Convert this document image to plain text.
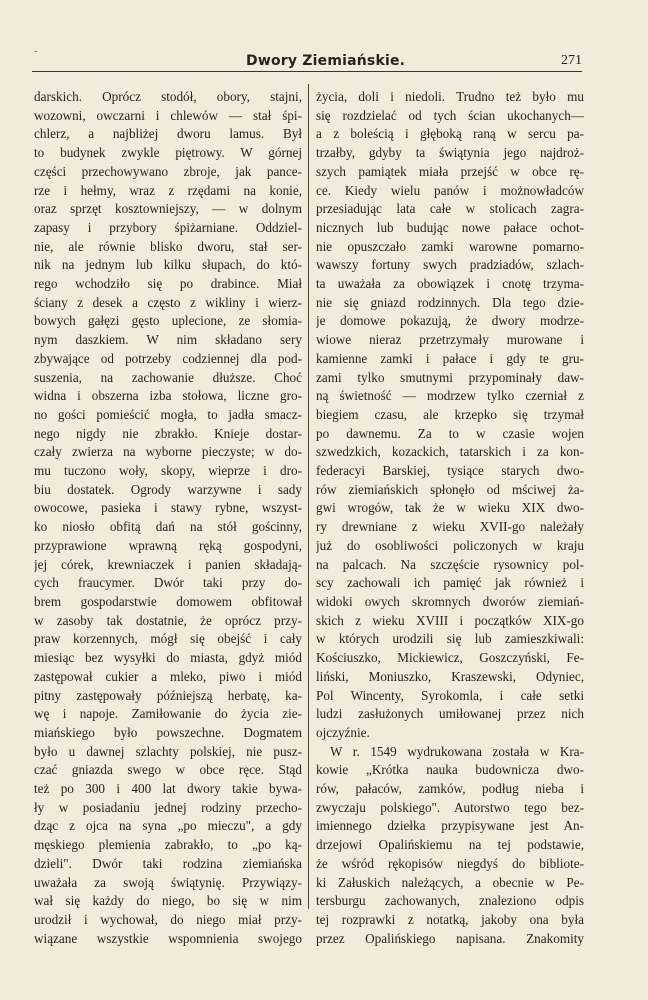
-
Dwory Ziemiańskie.	271
darskich. Oprócz stodół, obory, stajni,
wozowni, owczarni i chlewów — stał śpi-
chlerz, a najbliżej dworu lamus. Był
to budynek zwykle piętrowy. W górnej
części przechowywano zbroje, jak pance-
rze i hełmy, wraz z rzędami na konie,
oraz sprzęt kosztowniejszy, — w dolnym
zapasy i przybory śpiżarniane. Oddziel-
nie, ale równie blisko dworu, stał ser-
nik na jednym lub kilku słupach, do któ-
rego wchodziło się po drabince. Miał
ściany z desek a często z wikliny i wierz-
bowych gałęzi gęsto uplecione, ze słomia-
nym daszkiem. W nim składano sery
zbywające od potrzeby codziennej dla pod-
suszenia, na zachowanie dłuższe. Choć
widna i obszerna izba stołowa, liczne gro-
no gości pomieścić mogła, to jadła smacz-
nego nigdy nie zbrakło. Knieje dostar-
czały zwierza na wyborne pieczyste; w do-
mu tuczono woły, skopy, wieprze i dro-
biu dostatek. Ogrody warzywne i sady
owocowe, pasieka i stawy rybne, wszyst-
ko niosło obfitą dań na stół gościnny,
przyprawione wprawną ręką gospodyni,
jej córek, krewniaczek i panien składają-
cych fraucymer. Dwór taki przy do-
brem gospodarstwie domowem obfitował
w zasoby tak dostatnie, że oprócz przy-
praw korzennych, mógł się obejść i cały
miesiąc bez wysyłki do miasta, gdyż miód
zastępował cukier a mleko, piwo i miód
pitny zastępowały późniejszą herbatę, ka-
wę i napoje. Zamiłowanie do życia zie-
miańskiego było powszechne. Dogmatem
było u dawnej szlachty polskiej, nie pusz-
czać gniazda swego w obce ręce. Stąd
też po 300 i 400 lat dwory takie bywa-
ły w posiadaniu jednej rodziny przecho-
dząc z ojca na syna „po mieczu", a gdy
męskiego plemienia zabrakło, to „po ką-
dzieli". Dwór taki rodzina ziemiańska
uważała za swoją świątynię. Przywiązy-
wał się każdy do niego, bo się w nim
urodził i wychował, do niego miał przy-
wiązane wszystkie wspomnienia swojego
życia, doli i niedoli. Trudno też było mu
się rozdzielać od tych ścian ukochanych—
a z boleścią i głęboką raną w sercu pa-
trzałby, gdyby ta świątynia jego najdroż-
szych pamiątek miała przejść w obce rę-
ce. Kiedy wielu panów i możnowładców
przesiadując lata całe w stolicach zagra-
nicznych lub budując nowe pałace ochot-
nie opuszczało zamki warowne pomarno-
wawszy fortuny swych pradziadów, szlach-
ta uważała za obowiązek i cnotę trzyma-
nie się gniazd rodzinnych. Dla tego dzie-
je domowe pokazują, że dwory modrze-
wiowe nieraz przetrzymały murowane i
kamienne zamki i pałace i gdy te gru-
zami tylko smutnymi przypominały daw-
ną świetność — modrzew tylko czerniał z
biegiem czasu, ale krzepko się trzymał
po dawnemu. Za to w czasie wojen
szwedzkich, kozackich, tatarskich i za kon-
federacyi Barskiej, tysiące starych dwo-
rów ziemiańskich spłonęło od mściwej ża-
gwi wrogów, tak że w wieku XIX dwo-
ry drewniane z wieku XVII-go należały
już do osobliwości policzonych w kraju
na palcach. Na szczęście rysownicy pol-
scy zachowali ich pamięć jak również i
widoki owych skromnych dworów ziemiań-
skich z wieku XVIII i początków XIX-go
w których urodzili się lub zamieszkiwali:
Kościuszko, Mickiewicz, Goszczyński, Fe-
liński, Moniuszko, Kraszewski, Odyniec,
Pol Wincenty, Syrokomla, i całe setki
ludzi zasłużonych umiłowanej przez nich
ojczyźnie.
W r. 1549 wydrukowana została w Kra-
kowie „Krótka nauka budownicza dwo-
rów, pałaców, zamków, podług nieba i
zwyczaju polskiego". Autorstwo tego bez-
imiennego dziełka przypisywane jest An-
drzejowi Opalińskiemu na tej podstawie,
że wśród rękopisów niegdyś do bibliote-
ki Załuskich należących, a obecnie w Pe-
tersburgu zachowanych, znaleziono odpis
tej rozprawki z notatką, jakoby ona była
przez Opalińskiego napisana. Znakomity
